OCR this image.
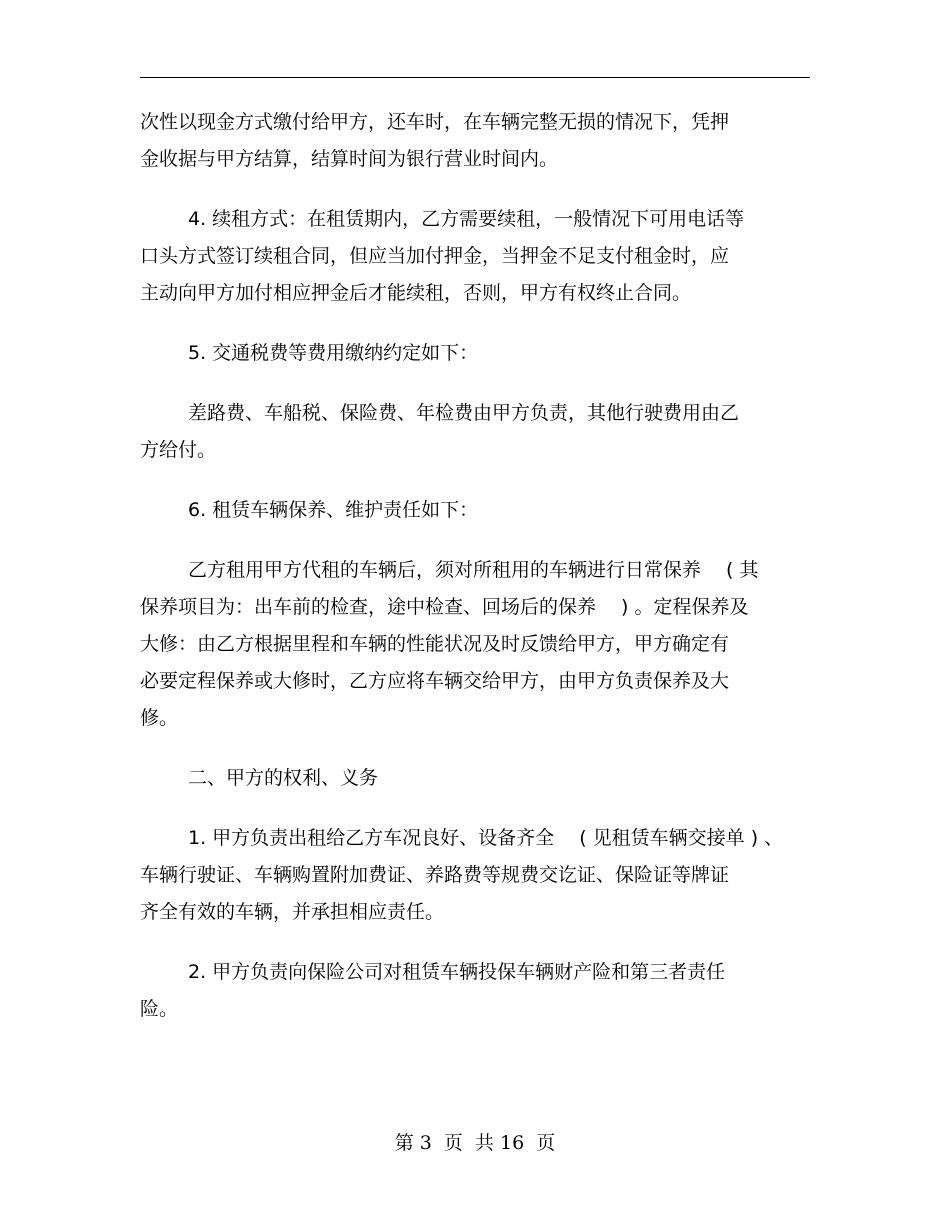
次性以现金方式缴付给甲方，还车时，在车辆完整无损的情况下，凭押
金收据与甲方结算，结算时间为银行营业时间内。
4. 续租方式：在租赁期内，乙方需要续租，一般情况下可用电话等
口头方式签订续租合同，但应当加付押金，当押金不足支付租金时，应
主动向甲方加付相应押金后才能续租，否则，甲方有权终止合同。
5. 交通税费等费用缴纳约定如下：
差路费、车船税、保险费、年检费由甲方负责，其他行驶费用由乙
方给付。
6. 租赁车辆保养、维护责任如下：
乙方租用甲方代租的车辆后，须对所租用的车辆进行日常保养　 ( 其
保养项目为：出车前的检查，途中检查、回场后的保养　 ) 。定程保养及
大修：由乙方根据里程和车辆的性能状况及时反馈给甲方，甲方确定有
必要定程保养或大修时，乙方应将车辆交给甲方，由甲方负责保养及大
修。
二、甲方的权利、义务
1. 甲方负责出租给乙方车况良好、设备齐全　 ( 见租赁车辆交接单 ) 、
车辆行驶证、车辆购置附加费证、养路费等规费交讫证、保险证等牌证
齐全有效的车辆，并承担相应责任。
2. 甲方负责向保险公司对租赁车辆投保车辆财产险和第三者责任
险。
第 3  页  共 16  页
